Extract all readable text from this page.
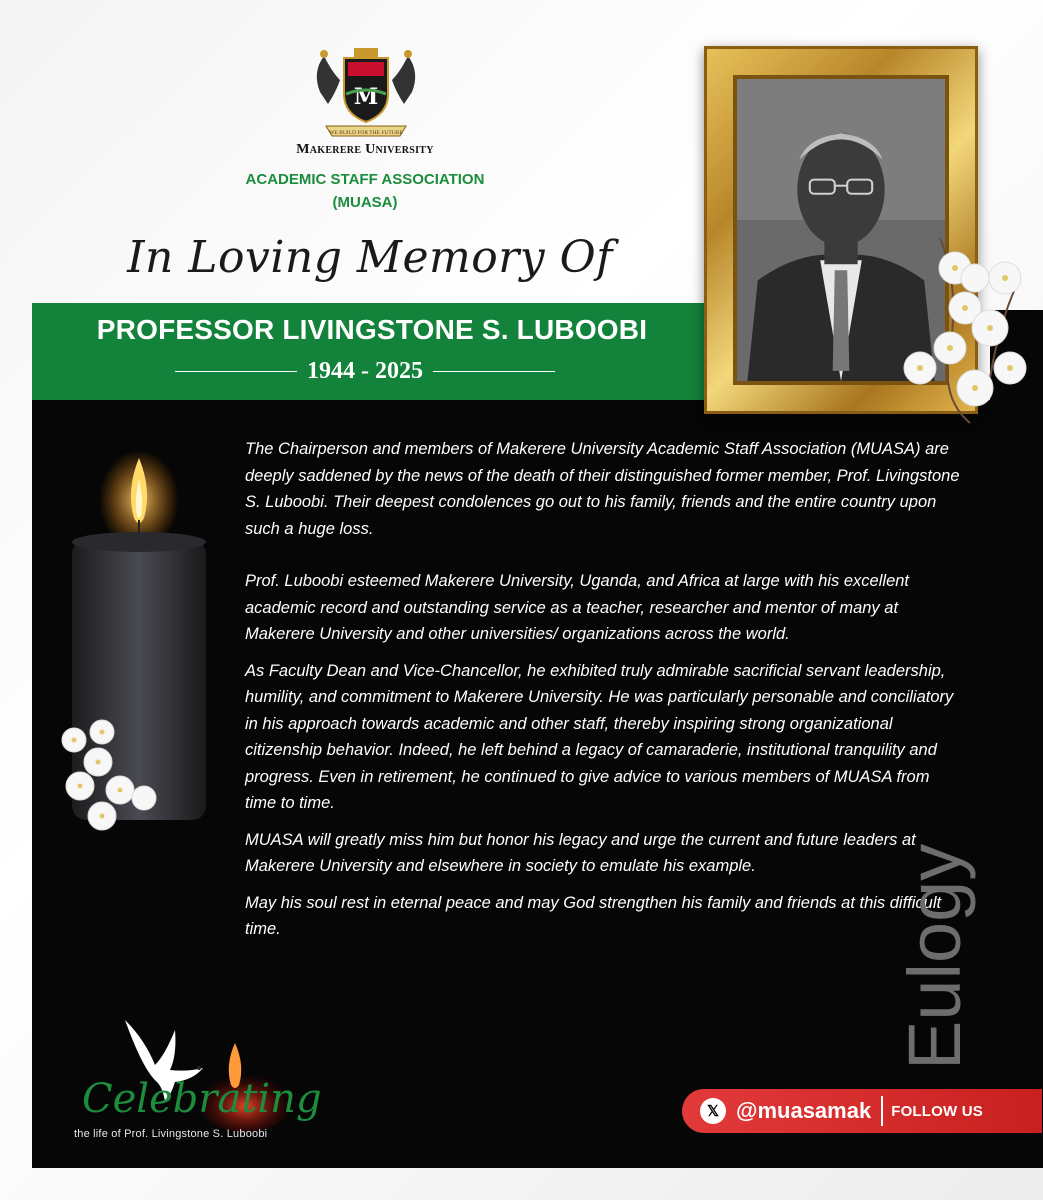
M
WE BUILD FOR THE FUTURE
Makerere University
ACADEMIC STAFF ASSOCIATION
(MUASA)
In Loving Memory Of
PROFESSOR LIVINGSTONE S. LUBOOBI
1944 - 2025

The Chairperson and members of Makerere University Academic Staff Association (MUASA) are deeply saddened by the news of the death of their distinguished former member, Prof. Livingstone S. Luboobi. Their deepest condolences go out to his family, friends and the entire country upon such a huge loss.

Prof. Luboobi esteemed Makerere University, Uganda, and Africa at large with his excellent academic record and outstanding service as a teacher, researcher and mentor of many at Makerere University and other universities/ organizations across the world.

As Faculty Dean and Vice-Chancellor, he exhibited truly admirable sacrificial servant leadership, humility, and commitment to Makerere University. He was particularly personable and conciliatory in his approach towards academic and other staff, thereby inspiring strong organizational citizenship behavior. Indeed, he left behind a legacy of camaraderie, institutional tranquility and progress. Even in retirement, he continued to give advice to various members of MUASA from time to time.

MUASA will greatly miss him but honor his legacy and urge the current and future leaders at Makerere University and elsewhere in society to emulate his example.

May his soul rest in eternal peace and may God strengthen his family and friends at this difficult time.	Eulogy
Celebrating
the life of Prof. Livingstone S. Luboobi
𝕏 @muasamak FOLLOW US
